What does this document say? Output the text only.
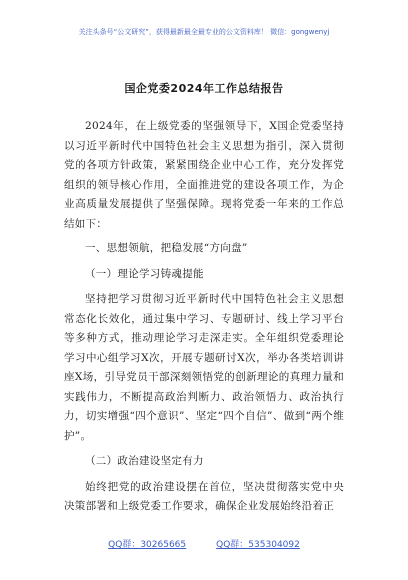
关注头条号“公文研究”，获得最新最全最专业的公文资料库！ 微信：gongwenyj
国企党委2024年工作总结报告

2024年，在上级党委的坚强领导下，X国企党委坚持以习近平新时代中国特色社会主义思想为指引，深入贯彻党的各项方针政策，紧紧围绕企业中心工作，充分发挥党组织的领导核心作用，全面推进党的建设各项工作，为企业高质量发展提供了坚强保障。现将党委一年来的工作总结如下：

一、思想领航，把稳发展“方向盘”

（一）理论学习铸魂提能

坚持把学习贯彻习近平新时代中国特色社会主义思想常态化长效化，通过集中学习、专题研讨、线上学习平台等多种方式，推动理论学习走深走实。全年组织党委理论学习中心组学习X次，开展专题研讨X次，举办各类培训讲座X场，引导党员干部深刻领悟党的创新理论的真理力量和实践伟力，不断提高政治判断力、政治领悟力、政治执行力，切实增强“四个意识”、坚定“四个自信”、做到“两个维护”。

（二）政治建设坚定有力

始终把党的政治建设摆在首位，坚决贯彻落实党中央决策部署和上级党委工作要求，确保企业发展始终沿着正

QQ群：30265665	QQ群：535304092
